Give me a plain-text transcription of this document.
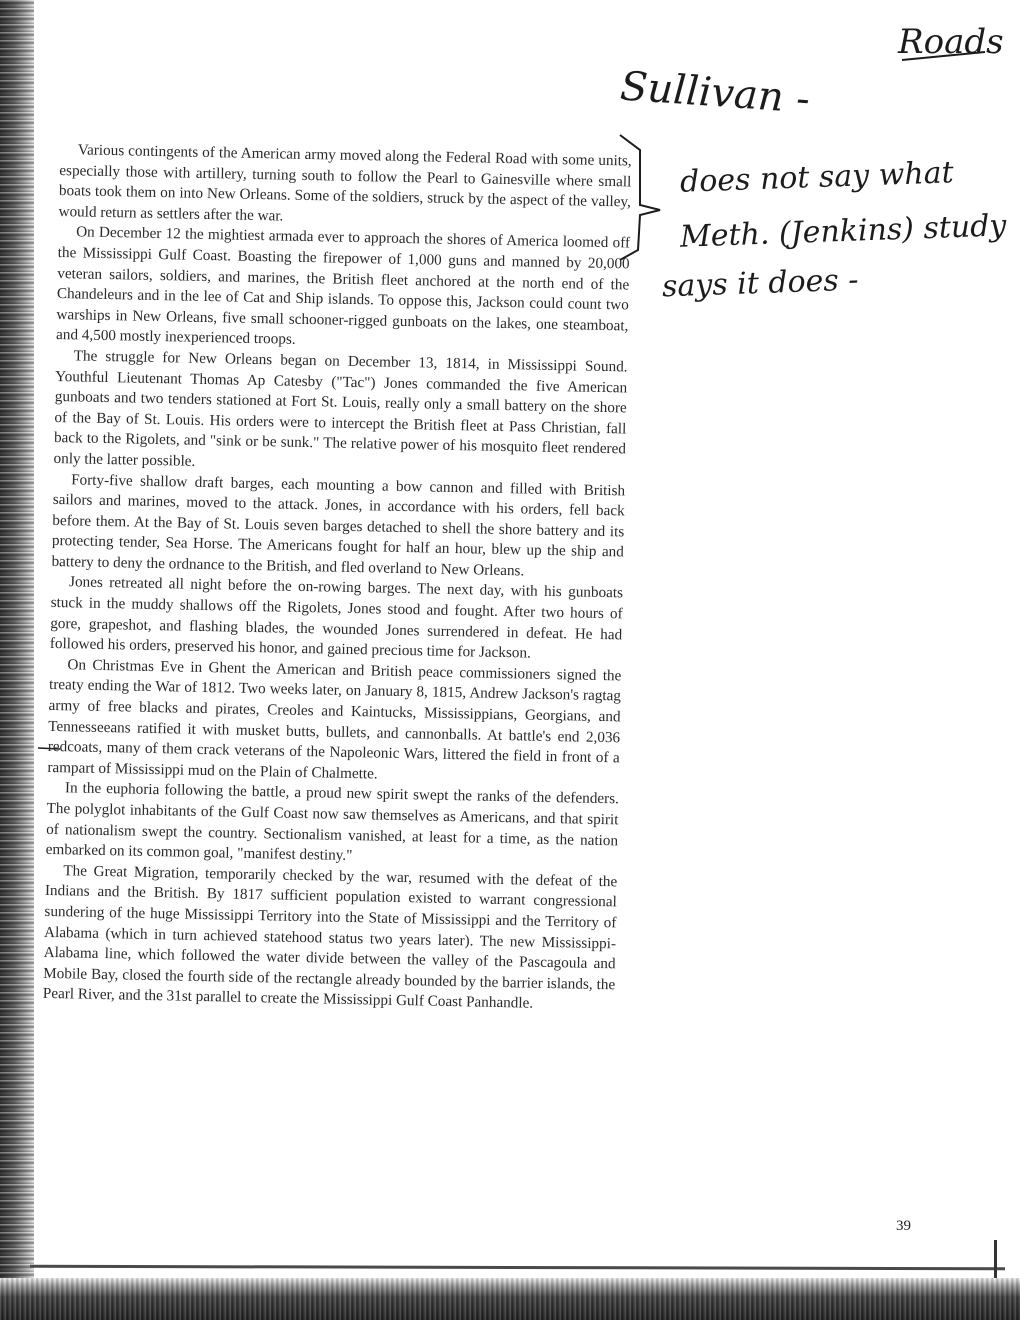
Roads
Sullivan -
does not say what
Meth. (Jenkins) study
says it does -

Various contingents of the American army moved along the Federal Road with some units, especially those with artillery, turning south to follow the Pearl to Gainesville where small boats took them on into New Orleans. Some of the soldiers, struck by the aspect of the valley, would return as settlers after the war.

On December 12 the mightiest armada ever to approach the shores of America loomed off the Mississippi Gulf Coast. Boasting the firepower of 1,000 guns and manned by 20,000 veteran sailors, soldiers, and marines, the British fleet anchored at the north end of the Chandeleurs and in the lee of Cat and Ship islands. To oppose this, Jackson could count two warships in New Orleans, five small schooner-rigged gunboats on the lakes, one steamboat, and 4,500 mostly inexperienced troops.

The struggle for New Orleans began on December 13, 1814, in Mississippi Sound. Youthful Lieutenant Thomas Ap Catesby ("Tac") Jones commanded the five American gunboats and two tenders stationed at Fort St. Louis, really only a small battery on the shore of the Bay of St. Louis. His orders were to intercept the British fleet at Pass Christian, fall back to the Rigolets, and "sink or be sunk." The relative power of his mosquito fleet rendered only the latter possible.

Forty-five shallow draft barges, each mounting a bow cannon and filled with British sailors and marines, moved to the attack. Jones, in accordance with his orders, fell back before them. At the Bay of St. Louis seven barges detached to shell the shore battery and its protecting tender, Sea Horse. The Americans fought for half an hour, blew up the ship and battery to deny the ordnance to the British, and fled overland to New Orleans.

Jones retreated all night before the on-rowing barges. The next day, with his gunboats stuck in the muddy shallows off the Rigolets, Jones stood and fought. After two hours of gore, grapeshot, and flashing blades, the wounded Jones surrendered in defeat. He had followed his orders, preserved his honor, and gained precious time for Jackson.

On Christmas Eve in Ghent the American and British peace commissioners signed the treaty ending the War of 1812. Two weeks later, on January 8, 1815, Andrew Jackson's ragtag army of free blacks and pirates, Creoles and Kaintucks, Mississippians, Georgians, and Tennesseeans ratified it with musket butts, bullets, and cannonballs. At battle's end 2,036 redcoats, many of them crack veterans of the Napoleonic Wars, littered the field in front of a rampart of Mississippi mud on the Plain of Chalmette.

In the euphoria following the battle, a proud new spirit swept the ranks of the defenders. The polyglot inhabitants of the Gulf Coast now saw themselves as Americans, and that spirit of nationalism swept the country. Sectionalism vanished, at least for a time, as the nation embarked on its common goal, "manifest destiny."

The Great Migration, temporarily checked by the war, resumed with the defeat of the Indians and the British. By 1817 sufficient population existed to warrant congressional sundering of the huge Mississippi Territory into the State of Mississippi and the Territory of Alabama (which in turn achieved statehood status two years later). The new Mississippi-Alabama line, which followed the water divide between the valley of the Pascagoula and Mobile Bay, closed the fourth side of the rectangle already bounded by the barrier islands, the Pearl River, and the 31st parallel to create the Mississippi Gulf Coast Panhandle.

39
